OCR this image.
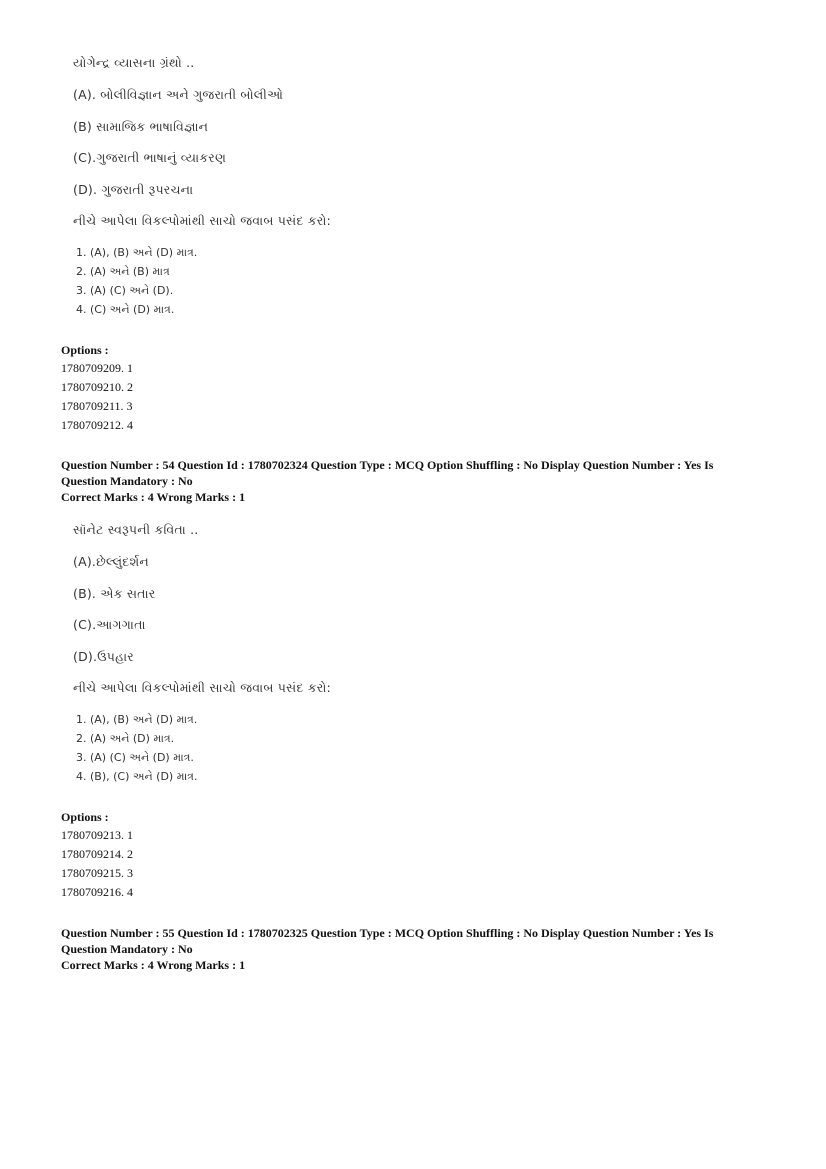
યોગેન્દ્ર વ્યાસના ગ્રંથો ..
(A). બોલીવિજ્ઞાન અને ગુજરાતી બોલીઓ
(B) સામાજિક ભાષાવિજ્ઞાન
(C).ગુજરાતી ભાષાનું વ્યાકરણ
(D). ગુજરાતી રૂપરચના
નીચે આપેલા વિકલ્પોમાંથી સાચો જવાબ પસંદ કરો:
1. (A), (B) અને (D) માત્ર.
2. (A) અને (B) માત્ર
3. (A) (C) અને (D).
4. (C) અને (D) માત્ર.
Options :
1780709209. 1
1780709210. 2
1780709211. 3
1780709212. 4
Question Number : 54 Question Id : 1780702324 Question Type : MCQ Option Shuffling : No Display Question Number : Yes Is
Question Mandatory : No
Correct Marks : 4 Wrong Marks : 1
સૉનેટ સ્વરૂપની કવિતા ..
(A).છેલ્લુંદર્શન
(B). એક સતાર
(C).આગગાતા
(D).ઉપહાર
નીચે આપેલા વિકલ્પોમાંથી સાચો જવાબ પસંદ કરો:
1. (A), (B) અને (D) માત્ર.
2. (A) અને (D) માત્ર.
3. (A) (C) અને (D) માત્ર.
4. (B), (C) અને (D) માત્ર.
Options :
1780709213. 1
1780709214. 2
1780709215. 3
1780709216. 4
Question Number : 55 Question Id : 1780702325 Question Type : MCQ Option Shuffling : No Display Question Number : Yes Is
Question Mandatory : No
Correct Marks : 4 Wrong Marks : 1
